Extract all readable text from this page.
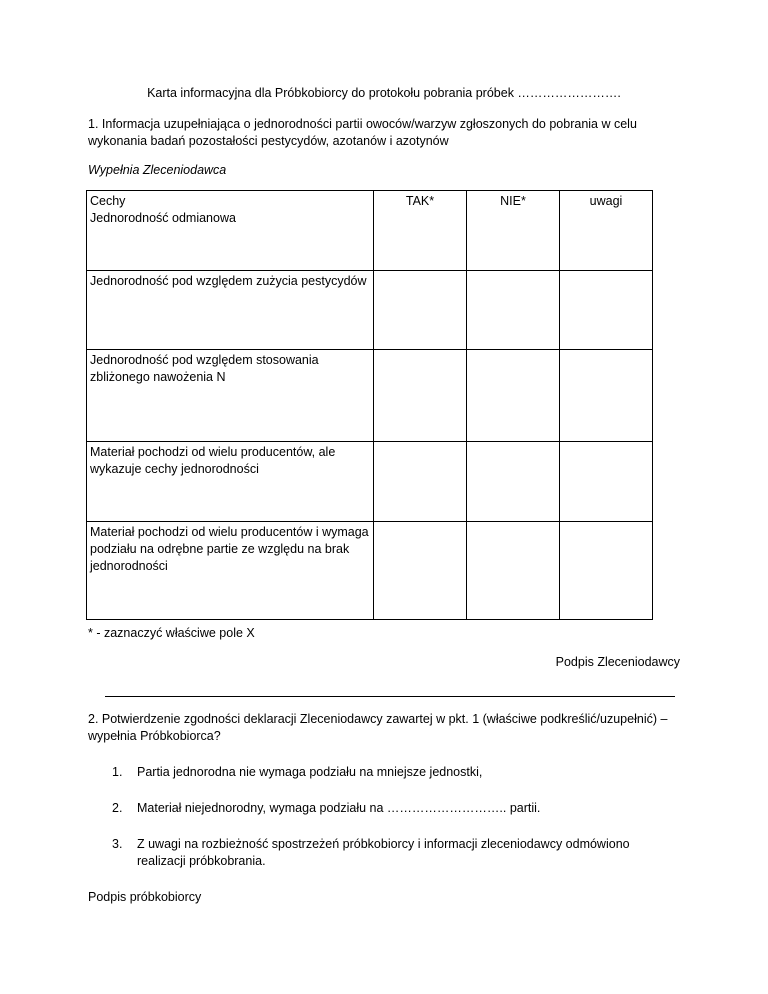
Karta informacyjna dla Próbkobiorcy do protokołu pobrania próbek …………………….
1. Informacja uzupełniająca o jednorodności partii owoców/warzyw zgłoszonych do pobrania w celu wykonania badań pozostałości pestycydów, azotanów i azotynów
Wypełnia Zleceniodawca
Cechy
Jednorodność odmianowa	TAK*	NIE*	uwagi
Jednorodność pod względem zużycia pestycydów			
Jednorodność pod względem stosowania zbliżonego nawożenia N			
Materiał pochodzi od wielu producentów, ale wykazuje cechy jednorodności			
Materiał pochodzi od wielu producentów i wymaga podziału na odrębne partie ze względu na brak jednorodności			
* - zaznaczyć właściwe pole X
Podpis Zleceniodawcy
2. Potwierdzenie zgodności deklaracji Zleceniodawcy zawartej w pkt. 1 (właściwe podkreślić/uzupełnić) – wypełnia Próbkobiorca?
1. Partia jednorodna nie wymaga podziału na mniejsze jednostki,
2. Materiał niejednorodny, wymaga podziału na ……………………….. partii.
3. Z uwagi na rozbieżność spostrzeżeń próbkobiorcy i informacji zleceniodawcy odmówiono realizacji próbkobrania.
Podpis próbkobiorcy
